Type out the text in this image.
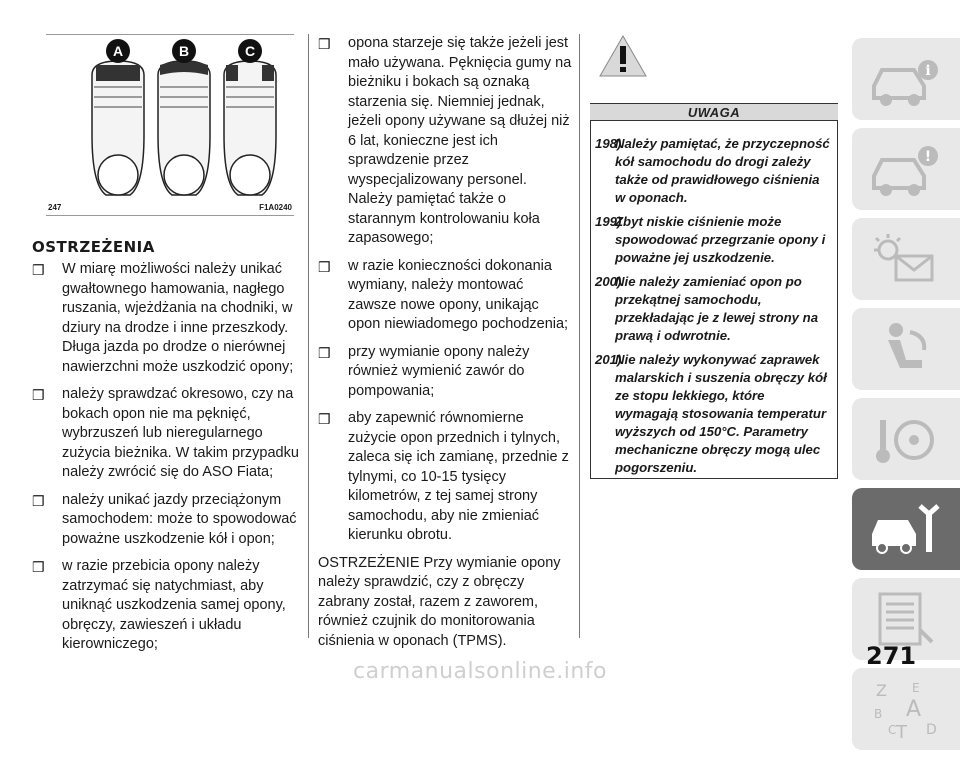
A	B	C
247	F1A0240
OSTRZEŻENIA
❒ W miarę możliwości należy unikać gwałtownego hamowania, nagłego ruszania, wjeżdżania na chodniki, w dziury na drodze i inne przeszkody. Długa jazda po drodze o nierównej nawierzchni może uszkodzić opony;
❒ należy sprawdzać okresowo, czy na bokach opon nie ma pęknięć, wybrzuszeń lub nieregularnego zużycia bieżnika. W takim przypadku należy zwrócić się do ASO Fiata;
❒ należy unikać jazdy przeciążonym samochodem: może to spowodować poważne uszkodzenie kół i opon;
❒ w razie przebicia opony należy zatrzymać się natychmiast, aby uniknąć uszkodzenia samej opony, obręczy, zawieszeń i układu kierowniczego;
❒ opona starzeje się także jeżeli jest mało używana. Pęknięcia gumy na bieżniku i bokach są oznaką starzenia się. Niemniej jednak, jeżeli opony używane są dłużej niż 6 lat, konieczne jest ich sprawdzenie przez wyspecjalizowany personel. Należy pamiętać także o starannym kontrolowaniu koła zapasowego;
❒ w razie konieczności dokonania wymiany, należy montować zawsze nowe opony, unikając opon niewiadomego pochodzenia;
❒ przy wymianie opony należy również wymienić zawór do pompowania;
❒ aby zapewnić równomierne zużycie opon przednich i tylnych, zaleca się ich zamianę, przednie z tylnymi, co 10-15 tysięcy kilometrów, z tej samej strony samochodu, aby nie zmieniać kierunku obrotu.

OSTRZEŻENIE Przy wymianie opony należy sprawdzić, czy z obręczy zabrany został, razem z zaworem, również czujnik do monitorowania ciśnienia w oponach (TPMS).

UWAGA
198)
Należy pamiętać, że przyczepność kół samochodu do drogi zależy także od prawidłowego ciśnienia w oponach.
199)
Zbyt niskie ciśnienie może spowodować przegrzanie opony i poważne jej uszkodzenie.
200)
Nie należy zamieniać opon po przekątnej samochodu, przekładając je z lewej strony na prawą i odwrotnie.
201)
Nie należy wykonywać zaprawek malarskich i suszenia obręczy kół ze stopu lekkiego, które wymagają stosowania temperatur wyższych od 150°C. Parametry mechaniczne obręczy mogą ulec pogorszeniu.
i
!
Z E
B A
C T D
271
carmanualsonline.info
